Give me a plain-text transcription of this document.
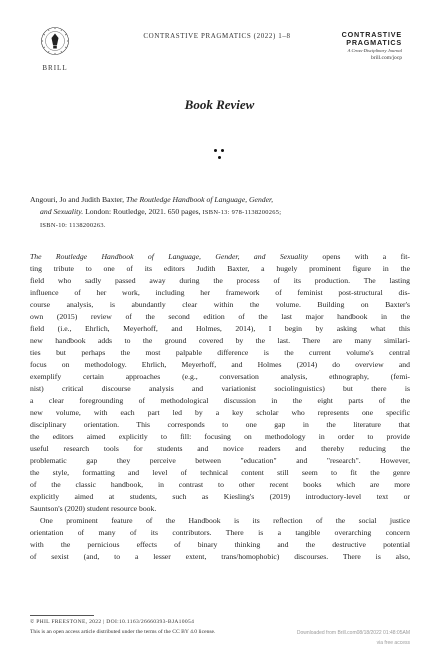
BRILL
CONTRASTIVE PRAGMATICS (2022) 1–8	CONTRASTIVE
PRAGMATICS
A Cross-Disciplinary Journal
brill.com/jocp
Book Review
Angouri, Jo and Judith Baxter, The Routledge Handbook of Language, Gender,
and Sexuality. London: Routledge, 2021. 650 pages, ISBN-13: 978-1138200265;
ISBN-10: 1138200263.
The Routledge Handbook of Language, Gender, and Sexuality opens with a fit-
ting tribute to one of its editors Judith Baxter, a hugely prominent figure in the
field who sadly passed away during the process of its production. The lasting
influence of her work, including her framework of feminist post-structural dis-
course analysis, is abundantly clear within the volume. Building on Baxter's
own (2015) review of the second edition of the last major handbook in the
field (i.e., Ehrlich, Meyerhoff, and Holmes, 2014), I begin by asking what this
new handbook adds to the ground covered by the last. There are many similari-
ties but perhaps the most palpable difference is the current volume's central
focus on methodology. Ehrlich, Meyerhoff, and Holmes (2014) do overview and
exemplify certain approaches (e.g., conversation analysis, ethnography, (femi-
nist) critical discourse analysis and variationist sociolinguistics) but there is
a clear foregrounding of methodological discussion in the eight parts of the
new volume, with each part led by a key scholar who represents one specific
disciplinary orientation. This corresponds to one gap in the literature that
the editors aimed explicitly to fill: focusing on methodology in order to provide
useful research tools for students and novice readers and thereby reducing the
problematic gap they perceive between "education" and "research". However,
the style, formatting and level of technical content still seem to fit the genre
of the classic handbook, in contrast to other recent books which are more
explicitly aimed at students, such as Kiesling's (2019) introductory-level text or
Sauntson's (2020) student resource book.
One prominent feature of the Handbook is its reflection of the social justice
orientation of many of its contributors. There is a tangible overarching concern
with the pernicious effects of binary thinking and the destructive potential
of sexist (and, to a lesser extent, trans/homophobic) discourses. There is also,
© PHIL FREESTONE, 2022 | DOI:10.1163/26660393-BJA10054
This is an open access article distributed under the terms of the CC BY 4.0 license.	Downloaded from Brill.com08/18/2022 01:48:05AM
via free access
